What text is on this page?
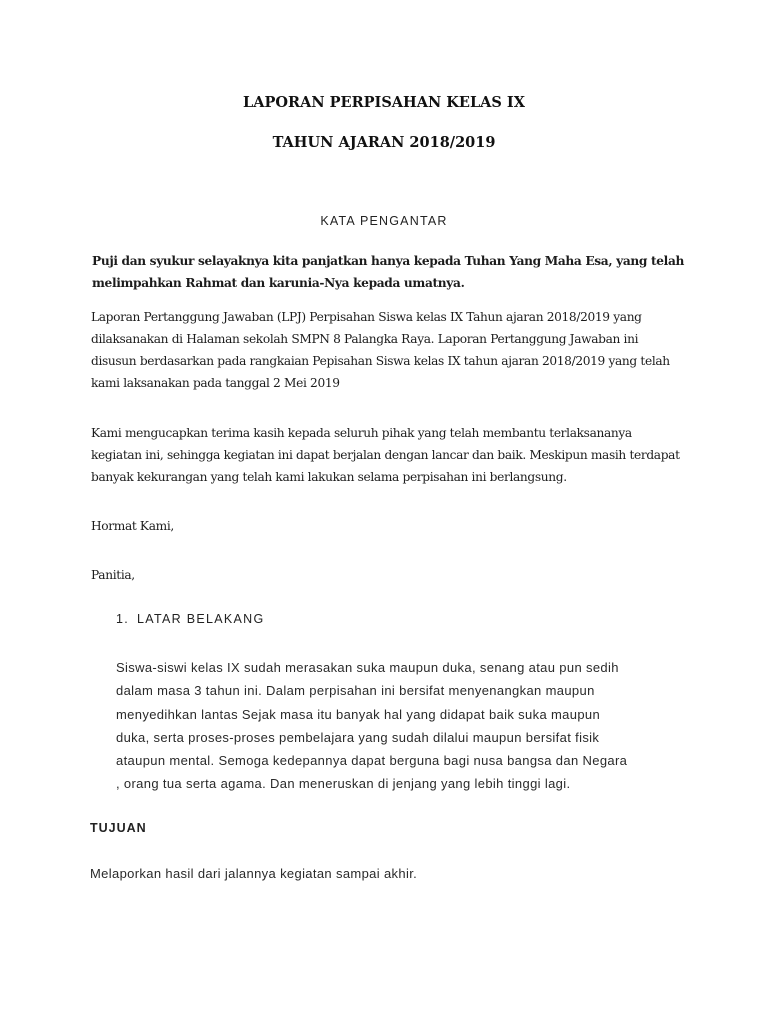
LAPORAN PERPISAHAN KELAS IX
TAHUN AJARAN 2018/2019
KATA PENGANTAR
Puji dan syukur selayaknya kita panjatkan hanya kepada Tuhan Yang Maha Esa, yang telah
melimpahkan Rahmat dan karunia-Nya kepada umatnya.
Laporan Pertanggung Jawaban (LPJ) Perpisahan Siswa kelas IX Tahun ajaran 2018/2019 yang
dilaksanakan di Halaman sekolah SMPN 8 Palangka Raya. Laporan Pertanggung Jawaban ini
disusun berdasarkan pada rangkaian Pepisahan Siswa kelas IX tahun ajaran 2018/2019 yang telah
kami laksanakan pada tanggal 2 Mei 2019
Kami mengucapkan terima kasih kepada seluruh pihak yang telah membantu terlaksananya
kegiatan ini, sehingga kegiatan ini dapat berjalan dengan lancar dan baik. Meskipun masih terdapat
banyak kekurangan yang telah kami lakukan selama perpisahan ini berlangsung.
Hormat Kami,
Panitia,
1. LATAR BELAKANG
Siswa-siswi kelas IX sudah merasakan suka maupun duka, senang atau pun sedih
dalam masa 3 tahun ini. Dalam perpisahan ini bersifat menyenangkan maupun
menyedihkan lantas Sejak masa itu banyak hal yang didapat baik suka maupun
duka, serta proses-proses pembelajara yang sudah dilalui maupun bersifat fisik
ataupun mental. Semoga kedepannya dapat berguna bagi nusa bangsa dan Negara
, orang tua serta agama. Dan meneruskan di jenjang yang lebih tinggi lagi.
TUJUAN
Melaporkan hasil dari jalannya kegiatan sampai akhir.
